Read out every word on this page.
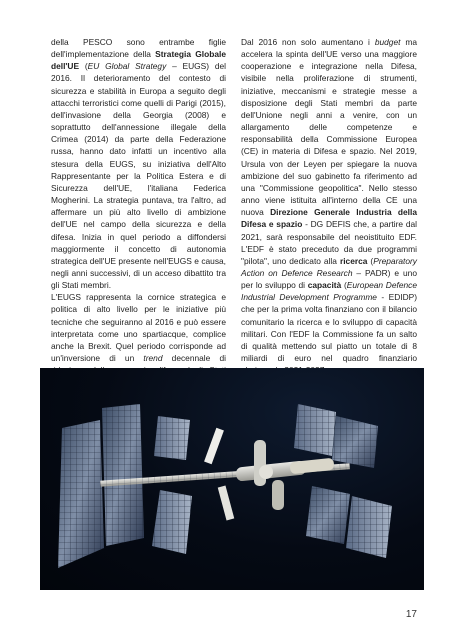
della PESCO sono entrambe figlie dell'implementazione della Strategia Globale dell'UE (EU Global Strategy – EUGS) del 2016. Il deterioramento del contesto di sicurezza e stabilità in Europa a seguito degli attacchi terroristici come quelli di Parigi (2015), dell'invasione della Georgia (2008) e soprattutto dell'annessione illegale della Crimea (2014) da parte della Federazione russa, hanno dato infatti un incentivo alla stesura della EUGS, su iniziativa dell'Alto Rappresentante per la Politica Estera e di Sicurezza dell'UE, l'italiana Federica Mogherini. La strategia puntava, tra l'altro, ad affermare un più alto livello di ambizione dell'UE nel campo della sicurezza e della difesa. Inizia in quel periodo a diffondersi maggiormente il concetto di autonomia strategica dell'UE presente nell'EUGS e causa, negli anni successivi, di un acceso dibattito tra gli Stati membri.

L'EUGS rappresenta la cornice strategica e politica di alto livello per le iniziative più tecniche che seguiranno al 2016 e può essere interpretata come uno spartiacque, complice anche la Brexit. Quel periodo corrisponde ad un'inversione di un trend decennale di

Dal 2016 non solo aumentano i budget ma accelera la spinta dell'UE verso una maggiore cooperazione e integrazione nella Difesa, visibile nella proliferazione di strumenti, iniziative, meccanismi e strategie messe a disposizione degli Stati membri da parte dell'Unione negli anni a venire, con un allargamento delle competenze e responsabilità della Commissione Europea (CE) in materia di Difesa e spazio. Nel 2019, Ursula von der Leyen per spiegare la nuova ambizione del suo gabinetto fa riferimento ad una "Commissione geopolitica". Nello stesso anno viene istituita all'interno della CE una nuova Direzione Generale Industria della Difesa e spazio - DG DEFIS che, a partire dal 2021, sarà responsabile del neoistituito EDF. L'EDF è stato preceduto da due programmi "pilota", uno dedicato alla ricerca (Preparatory Action on Defence Research – PADR) e uno per lo sviluppo di capacità (European Defence Industrial Development Programme - EDIDP) che per la prima volta finanziano con il bilancio comunitario la ricerca e lo sviluppo di capacità militari. Con l'EDF la Commissione fa un salto di qualità mettendo sul piatto un totale di 8 miliardi di euro nel quadro finanziario

17
